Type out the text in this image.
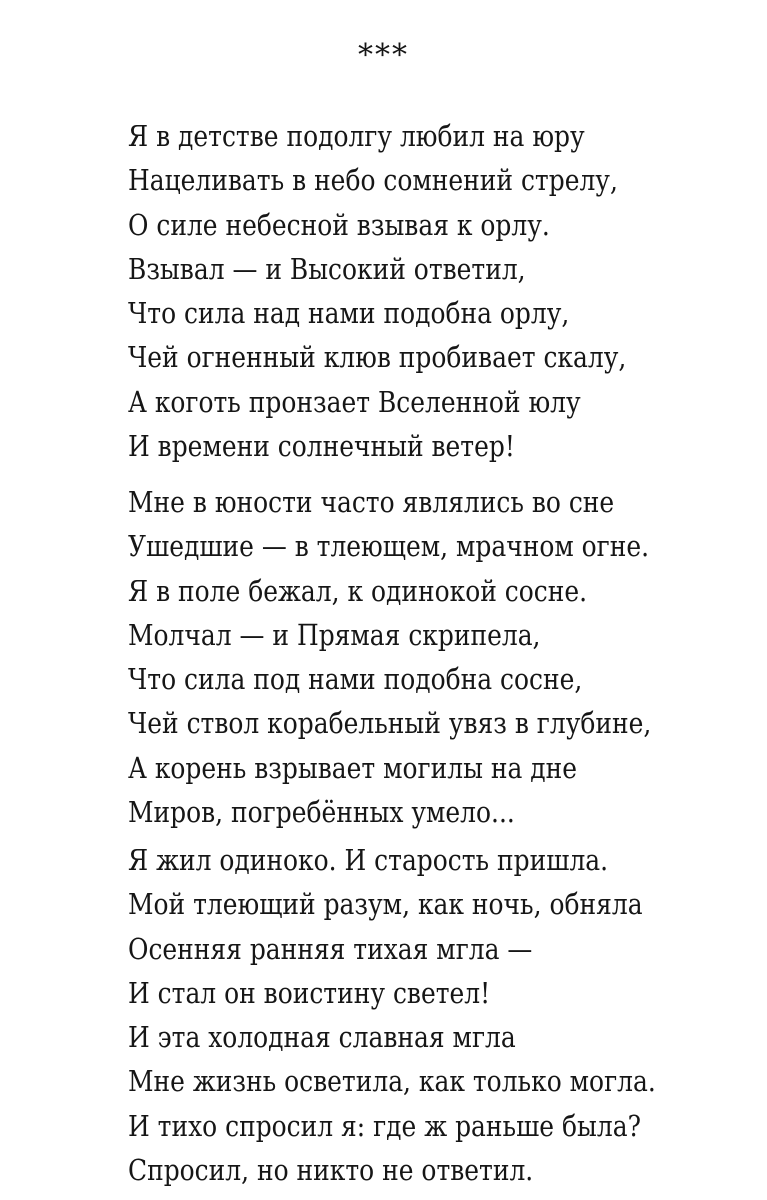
***
Я в детстве подолгу любил на юру
Нацеливать в небо сомнений стрелу,
О силе небесной взывая к орлу.
Взывал — и Высокий ответил,
Что сила над нами подобна орлу,
Чей огненный клюв пробивает скалу,
А коготь пронзает Вселенной юлу
И времени солнечный ветер!
Мне в юности часто являлись во сне
Ушедшие — в тлеющем, мрачном огне.
Я в поле бежал, к одинокой сосне.
Молчал — и Прямая скрипела,
Что сила под нами подобна сосне,
Чей ствол корабельный увяз в глубине,
А корень взрывает могилы на дне
Миров, погребённых умело...
Я жил одиноко. И старость пришла.
Мой тлеющий разум, как ночь, обняла
Осенняя ранняя тихая мгла —
И стал он воистину светел!
И эта холодная славная мгла
Мне жизнь осветила, как только могла.
И тихо спросил я: где ж раньше была?
Спросил, но никто не ответил.
